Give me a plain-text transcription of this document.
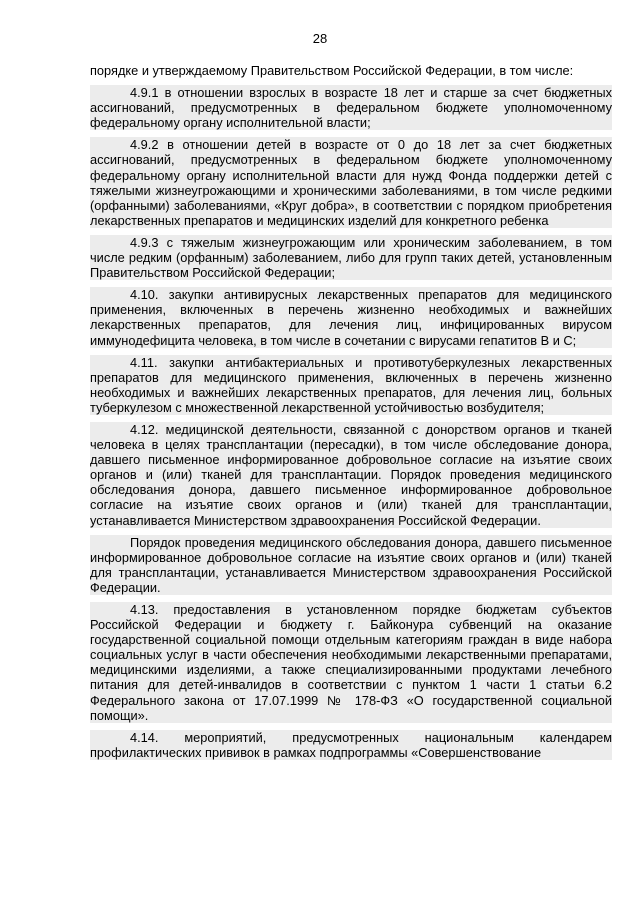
28

порядке и утверждаемому Правительством Российской Федерации, в том числе:

4.9.1 в отношении взрослых в возрасте 18 лет и старше за счет бюджетных ассигнований, предусмотренных в федеральном бюджете уполномоченному федеральному органу исполнительной власти;

4.9.2 в отношении детей в возрасте от 0 до 18 лет за счет бюджетных ассигнований, предусмотренных в федеральном бюджете уполномоченному федеральному органу исполнительной власти для нужд Фонда поддержки детей с тяжелыми жизнеугрожающими и хроническими заболеваниями, в том числе редкими (орфанными) заболеваниями, «Круг добра», в соответствии с порядком приобретения лекарственных препаратов и медицинских изделий для конкретного ребенка

4.9.3 с тяжелым жизнеугрожающим или хроническим заболеванием, в том числе редким (орфанным) заболеванием, либо для групп таких детей, установленным Правительством Российской Федерации;

4.10. закупки антивирусных лекарственных препаратов для медицинского применения, включенных в перечень жизненно необходимых и важнейших лекарственных препаратов, для лечения лиц, инфицированных вирусом иммунодефицита человека, в том числе в сочетании с вирусами гепатитов B и C;

4.11. закупки антибактериальных и противотуберкулезных лекарственных препаратов для медицинского применения, включенных в перечень жизненно необходимых и важнейших лекарственных препаратов, для лечения лиц, больных туберкулезом с множественной лекарственной устойчивостью возбудителя;

4.12. медицинской деятельности, связанной с донорством органов и тканей человека в целях трансплантации (пересадки), в том числе обследование донора, давшего письменное информированное добровольное согласие на изъятие своих органов и (или) тканей для трансплантации. Порядок проведения медицинского обследования донора, давшего письменное информированное добровольное согласие на изъятие своих органов и (или) тканей для трансплантации, устанавливается Министерством здравоохранения Российской Федерации.

Порядок проведения медицинского обследования донора, давшего письменное информированное добровольное согласие на изъятие своих органов и (или) тканей для трансплантации, устанавливается Министерством здравоохранения Российской Федерации.

4.13. предоставления в установленном порядке бюджетам субъектов Российской Федерации и бюджету г. Байконура субвенций на оказание государственной социальной помощи отдельным категориям граждан в виде набора социальных услуг в части обеспечения необходимыми лекарственными препаратами, медицинскими изделиями, а также специализированными продуктами лечебного питания для детей-инвалидов в соответствии с пунктом 1 части 1 статьи 6.2 Федерального закона от 17.07.1999 № 178-ФЗ «О государственной социальной помощи».

4.14. мероприятий, предусмотренных национальным календарем профилактических прививок в рамках подпрограммы «Совершенствование
